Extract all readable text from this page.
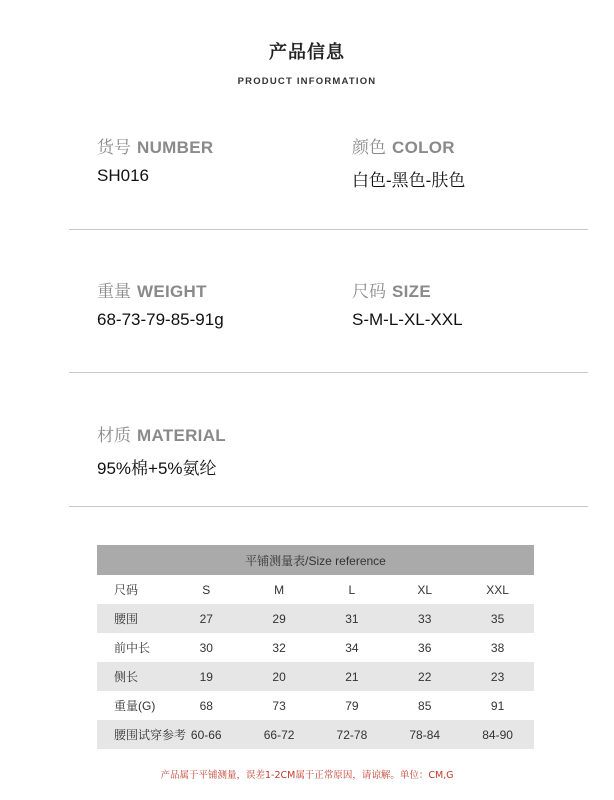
产品信息
PRODUCT INFORMATION
货号 NUMBER
SH016
颜色 COLOR
白色-黑色-肤色
重量 WEIGHT
68-73-79-85-91g
尺码 SIZE
S-M-L-XL-XXL
材质 MATERIAL
95%棉+5%氨纶
平铺测量表/Size reference					
尺码	S	M	L	XL	XXL
腰围	27	29	31	33	35
前中长	30	32	34	36	38
侧长	19	20	21	22	23
重量(G)	68	73	79	85	91
腰围试穿参考	60-66	66-72	72-78	78-84	84-90
产品属于平铺测量，误差1-2CM属于正常原因，请谅解。单位：CM,G
